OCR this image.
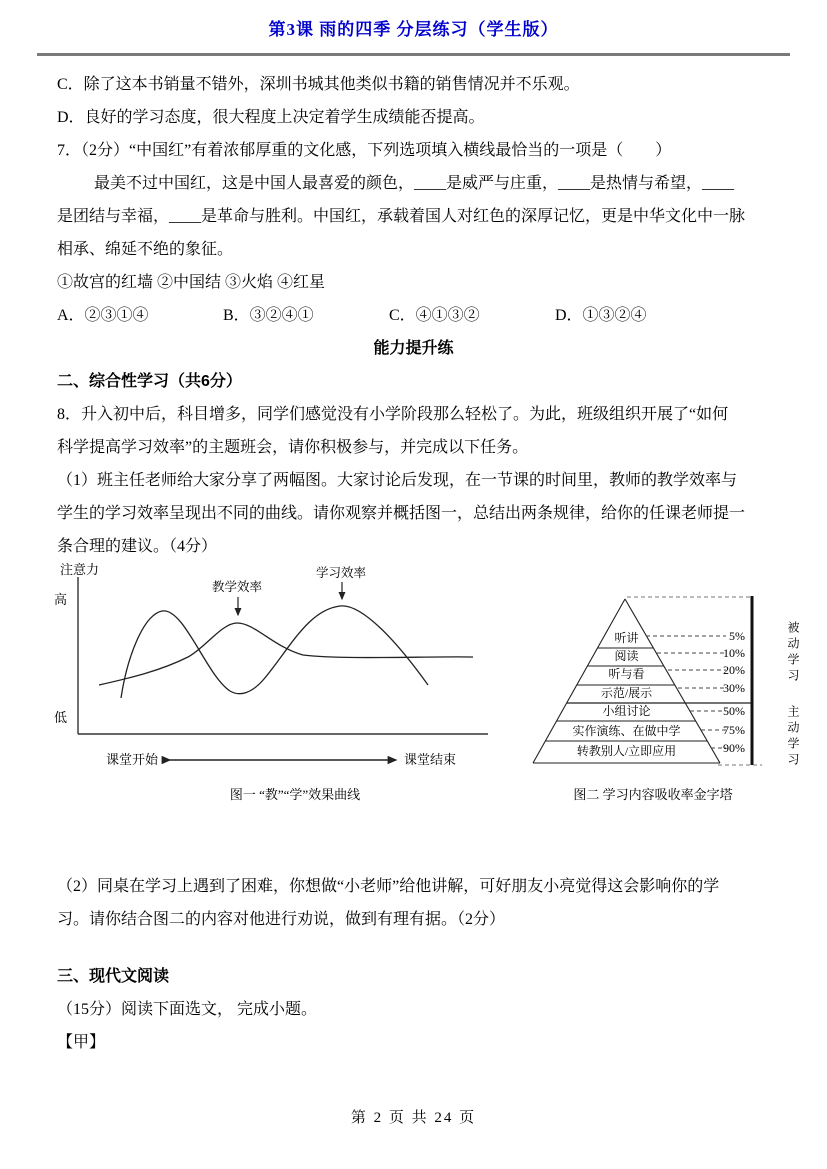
第3课 雨的四季 分层练习（学生版）
C．除了这本书销量不错外，深圳书城其他类似书籍的销售情况并不乐观。
D．良好的学习态度，很大程度上决定着学生成绩能否提高。
7．（2分）“中国红”有着浓郁厚重的文化感，下列选项填入横线最恰当的一项是（　　）
最美不过中国红，这是中国人最喜爱的颜色，____是威严与庄重，____是热情与希望，____
是团结与幸福，____是革命与胜利。中国红，承载着国人对红色的深厚记忆，更是中华文化中一脉
相承、绵延不绝的象征。
①故宫的红墙 ②中国结 ③火焰 ④红星
A．②③①④	B．③②④①	C．④①③②	D．①③②④
能力提升练
二、综合性学习（共6分）
8．升入初中后，科目增多，同学们感觉没有小学阶段那么轻松了。为此，班级组织开展了“如何
科学提高学习效率”的主题班会，请你积极参与，并完成以下任务。
（1）班主任老师给大家分享了两幅图。大家讨论后发现，在一节课的时间里，教师的教学效率与
学生的学习效率呈现出不同的曲线。请你观察并概括图一，总结出两条规律，给你的任课老师提一
条合理的建议。（4分）
注意力
高
低
教学效率
学习效率
课堂开始	课堂结束
图一 “教”“学”效果曲线
听讲
阅读
听与看
示范/展示
小组讨论
实作演练、在做中学
转教别人/立即应用
5%
10%
20%
30%
50%
75%
90%
被动学习
主动学习
图二 学习内容吸收率金字塔
（2）同桌在学习上遇到了困难，你想做“小老师”给他讲解，可好朋友小亮觉得这会影响你的学
习。请你结合图二的内容对他进行劝说，做到有理有据。（2分）
三、现代文阅读
（15分）阅读下面选文， 完成小题。
【甲】
第 2 页 共 24 页
